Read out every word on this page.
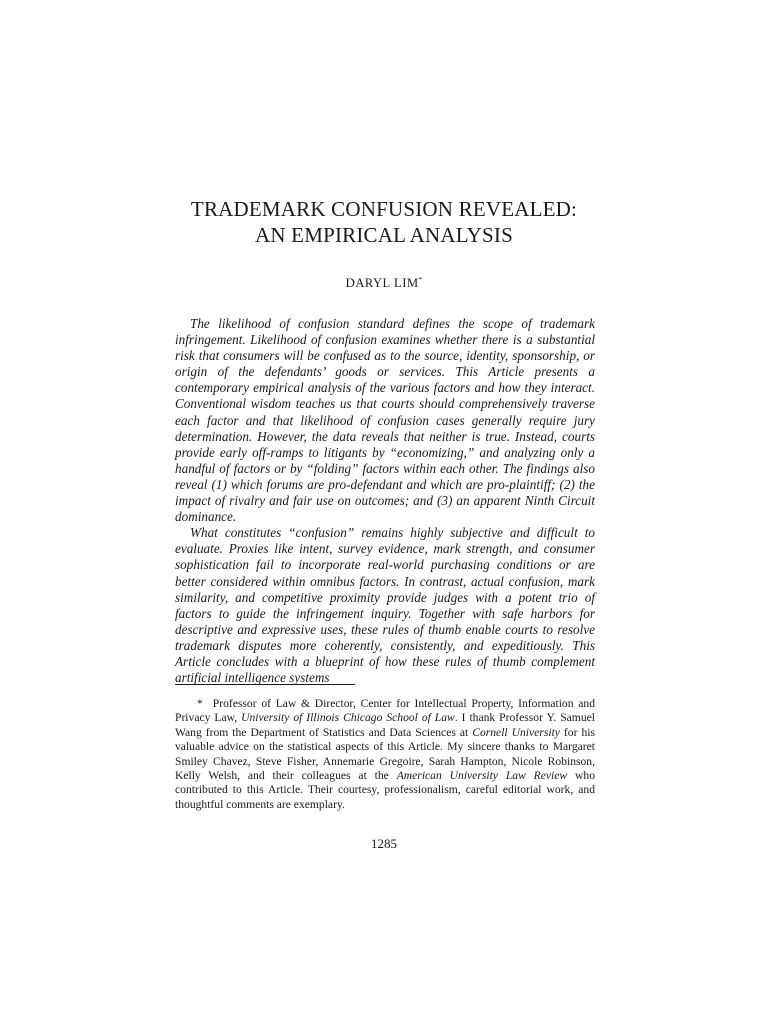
TRADEMARK CONFUSION REVEALED:
AN EMPIRICAL ANALYSIS
DARYL LIM*

The likelihood of confusion standard defines the scope of trademark infringement. Likelihood of confusion examines whether there is a substantial risk that consumers will be confused as to the source, identity, sponsorship, or origin of the defendants’ goods or services. This Article presents a contemporary empirical analysis of the various factors and how they interact. Conventional wisdom teaches us that courts should comprehensively traverse each factor and that likelihood of confusion cases generally require jury determination. However, the data reveals that neither is true. Instead, courts provide early off-ramps to litigants by “economizing,” and analyzing only a handful of factors or by “folding” factors within each other. The findings also reveal (1) which forums are pro-defendant and which are pro-plaintiff; (2) the impact of rivalry and fair use on outcomes; and (3) an apparent Ninth Circuit dominance.

What constitutes “confusion” remains highly subjective and difficult to evaluate. Proxies like intent, survey evidence, mark strength, and consumer sophistication fail to incorporate real-world purchasing conditions or are better considered within omnibus factors. In contrast, actual confusion, mark similarity, and competitive proximity provide judges with a potent trio of factors to guide the infringement inquiry. Together with safe harbors for descriptive and expressive uses, these rules of thumb enable courts to resolve trademark disputes more coherently, consistently, and expeditiously. This Article concludes with a blueprint of how these rules of thumb complement artificial intelligence systems

* Professor of Law & Director, Center for Intellectual Property, Information and Privacy Law, University of Illinois Chicago School of Law. I thank Professor Y. Samuel Wang from the Department of Statistics and Data Sciences at Cornell University for his valuable advice on the statistical aspects of this Article. My sincere thanks to Margaret Smiley Chavez, Steve Fisher, Annemarie Gregoire, Sarah Hampton, Nicole Robinson, Kelly Welsh, and their colleagues at the American University Law Review who contributed to this Article. Their courtesy, professionalism, careful editorial work, and thoughtful comments are exemplary.
1285
